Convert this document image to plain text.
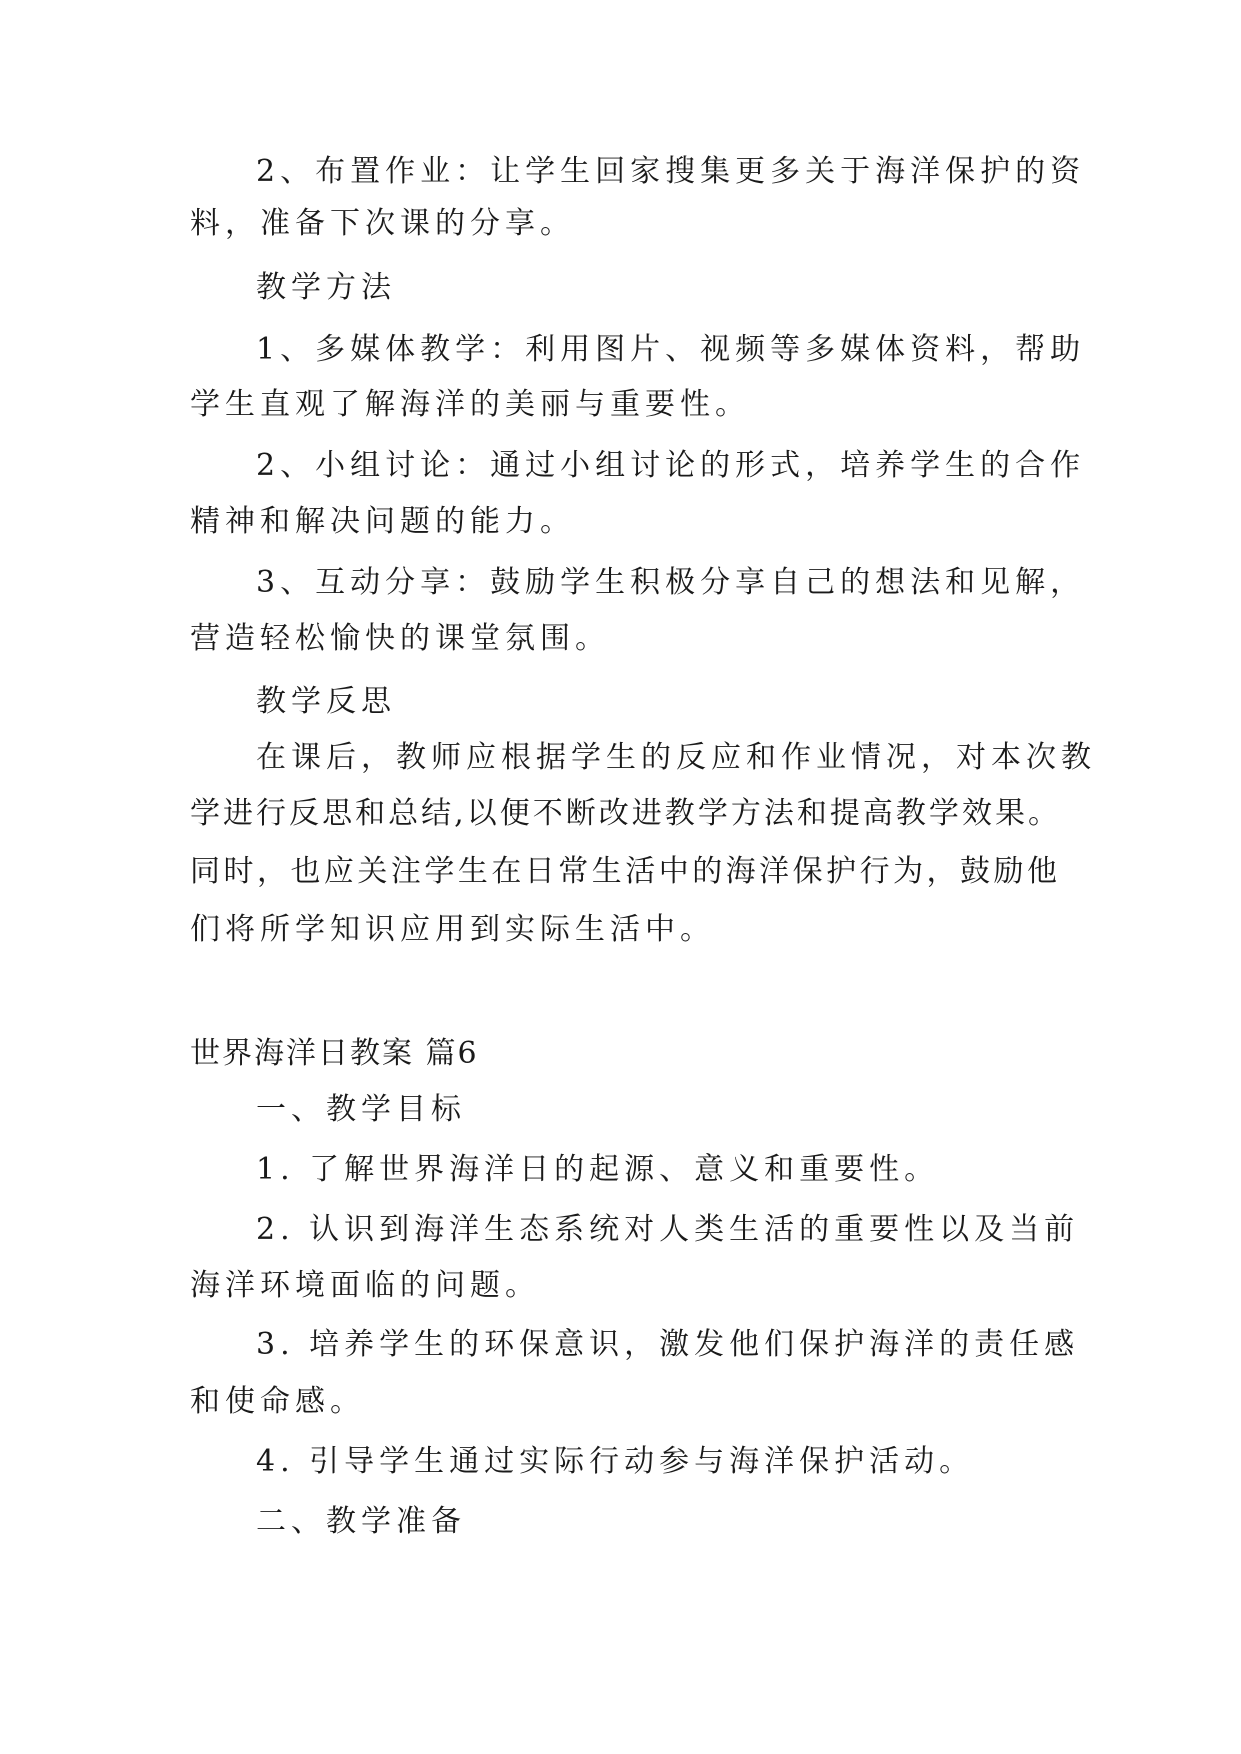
2、布置作业：让学生回家搜集更多关于海洋保护的资
料，准备下次课的分享。
教学方法
1、多媒体教学：利用图片、视频等多媒体资料，帮助
学生直观了解海洋的美丽与重要性。
2、小组讨论：通过小组讨论的形式，培养学生的合作
精神和解决问题的能力。
3、互动分享：鼓励学生积极分享自己的想法和见解，
营造轻松愉快的课堂氛围。
教学反思
在课后，教师应根据学生的反应和作业情况，对本次教
学进行反思和总结,以便不断改进教学方法和提高教学效果。
同时，也应关注学生在日常生活中的海洋保护行为，鼓励他
们将所学知识应用到实际生活中。
世界海洋日教案 篇6
一、教学目标
1. 了解世界海洋日的起源、意义和重要性。
2. 认识到海洋生态系统对人类生活的重要性以及当前
海洋环境面临的问题。
3. 培养学生的环保意识，激发他们保护海洋的责任感
和使命感。
4. 引导学生通过实际行动参与海洋保护活动。
二、教学准备
